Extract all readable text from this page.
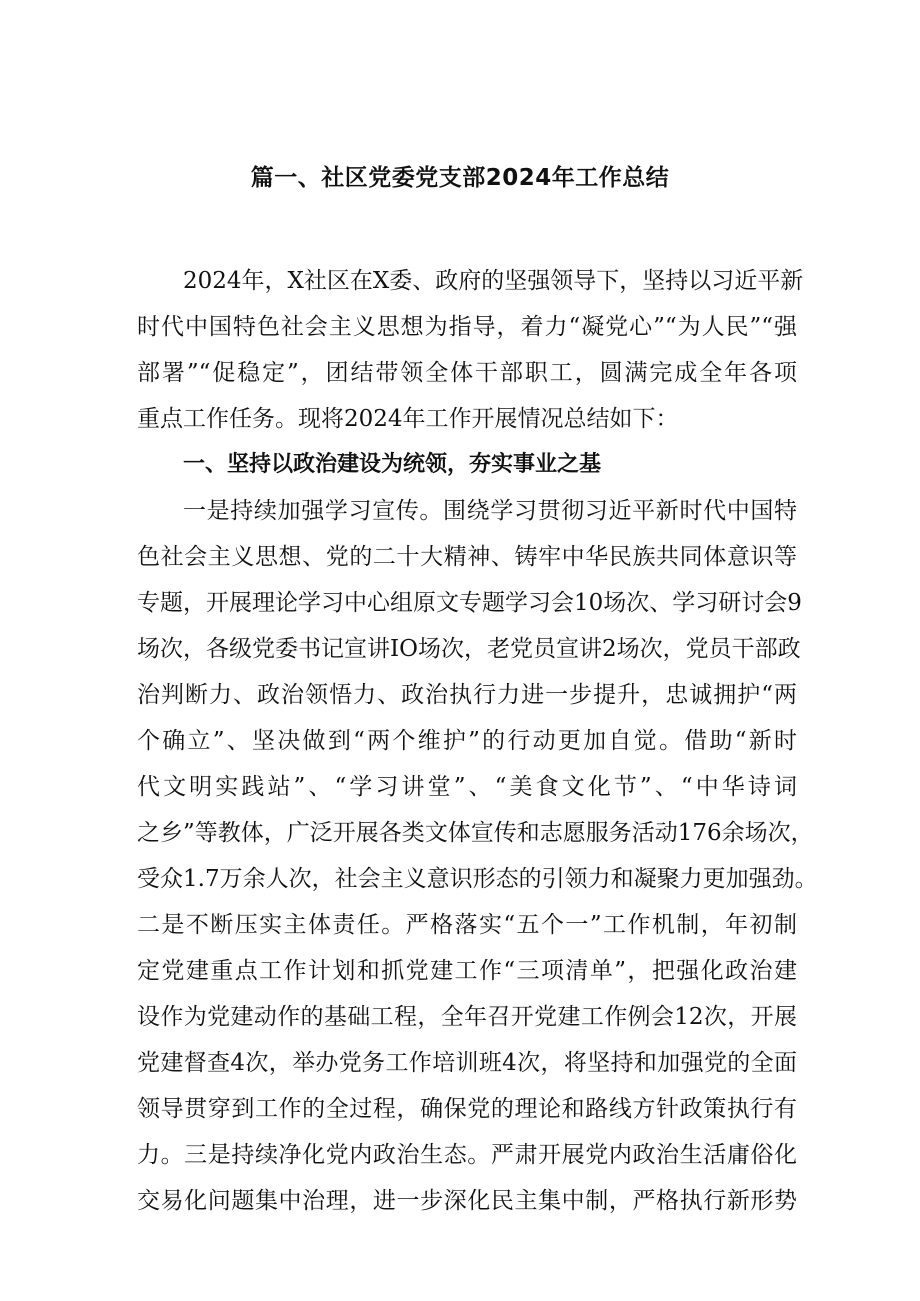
篇一、社区党委党支部2024年工作总结
2024年，X社区在X委、政府的坚强领导下，坚持以习近平新
时代中国特色社会主义思想为指导，着力“凝党心”“为人民”“强
部署”“促稳定”，团结带领全体干部职工，圆满完成全年各项
重点工作任务。现将2024年工作开展情况总结如下：
一、坚持以政治建设为统领，夯实事业之基
一是持续加强学习宣传。围绕学习贯彻习近平新时代中国特
色社会主义思想、党的二十大精神、铸牢中华民族共同体意识等
专题，开展理论学习中心组原文专题学习会10场次、学习研讨会9
场次，各级党委书记宣讲IO场次，老党员宣讲2场次，党员干部政
治判断力、政治领悟力、政治执行力进一步提升，忠诚拥护“两
个确立”、坚决做到“两个维护”的行动更加自觉。借助“新时
代文明实践站”、“学习讲堂”、“美食文化节”、“中华诗词
之乡”等教体，广泛开展各类文体宣传和志愿服务活动176余场次，
受众1.7万余人次，社会主义意识形态的引领力和凝聚力更加强劲。
二是不断压实主体责任。严格落实“五个一”工作机制，年初制
定党建重点工作计划和抓党建工作“三项清单”，把强化政治建
设作为党建动作的基础工程，全年召开党建工作例会12次，开展
党建督查4次，举办党务工作培训班4次，将坚持和加强党的全面
领导贯穿到工作的全过程，确保党的理论和路线方针政策执行有
力。三是持续净化党内政治生态。严肃开展党内政治生活庸俗化
交易化问题集中治理，进一步深化民主集中制，严格执行新形势
